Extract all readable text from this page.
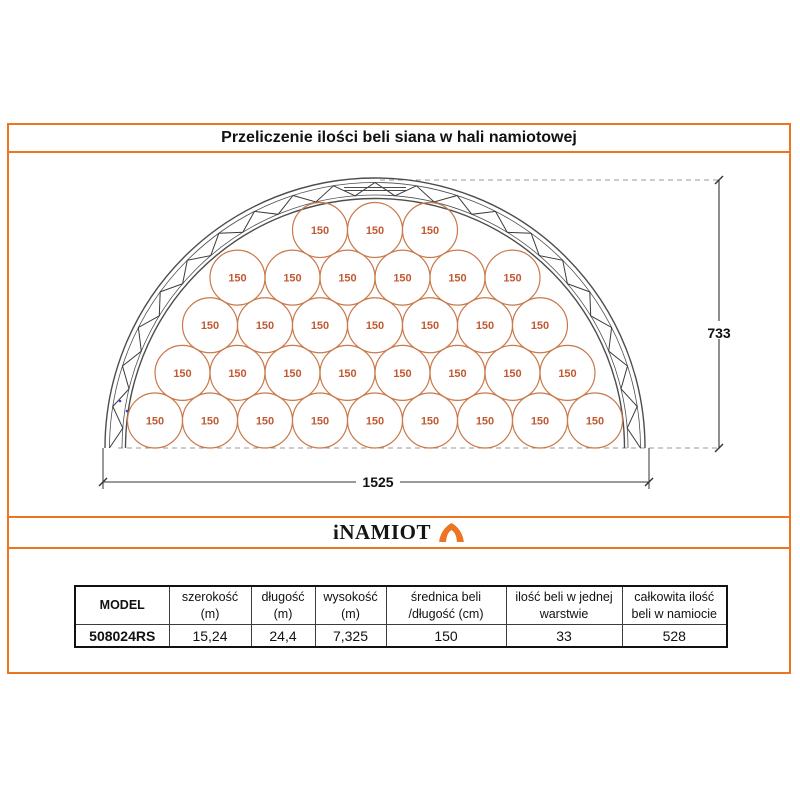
Przeliczenie ilości beli siana w hali namiotowej
iNAMIOT
MODEL	
szerokość
(m)

długość
(m)

wysokość
(m)

średnica beli
/długość (cm)

ilość beli w jednej
warstwie

całkowita ilość
beli w namiocie

508024RS	15,24	24,4	7,325	150	33	528
150	150	150
150	150	150	150	150	150
150	150	150	150	150	150	150
150	150	150	150	150	150	150	150
150	150	150	150	150	150	150	150	150
733
1525
